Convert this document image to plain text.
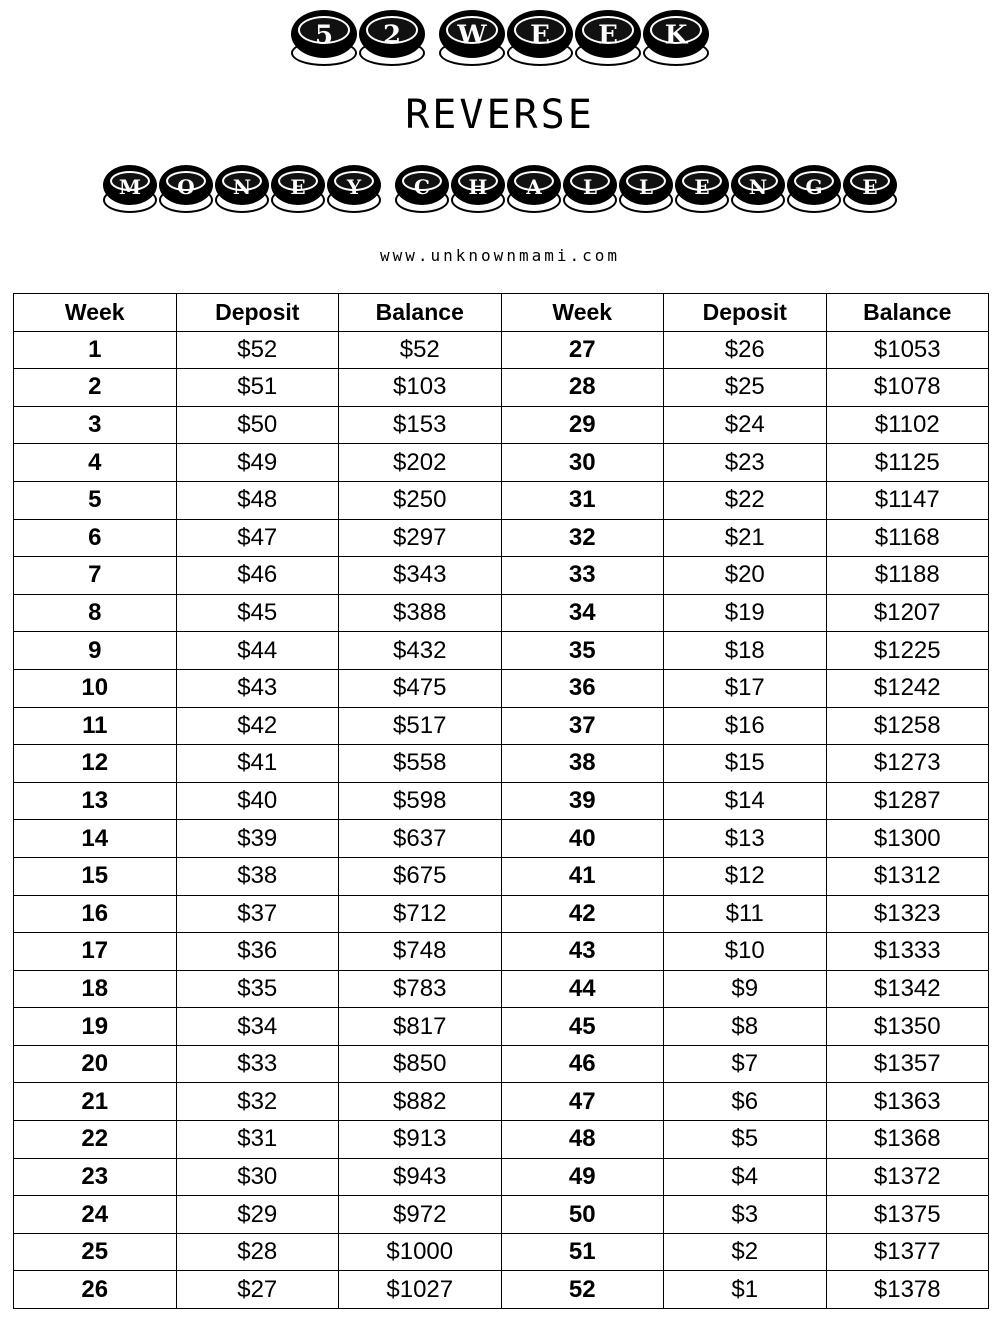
5	2	W	E	E	K
REVERSE
M	O	N	E	Y	C	H	A	L	L	E	N	G	E
www.unknownmami.com
Week	Deposit	Balance	Week	Deposit	Balance
1	$52	$52	27	$26	$1053
2	$51	$103	28	$25	$1078
3	$50	$153	29	$24	$1102
4	$49	$202	30	$23	$1125
5	$48	$250	31	$22	$1147
6	$47	$297	32	$21	$1168
7	$46	$343	33	$20	$1188
8	$45	$388	34	$19	$1207
9	$44	$432	35	$18	$1225
10	$43	$475	36	$17	$1242
11	$42	$517	37	$16	$1258
12	$41	$558	38	$15	$1273
13	$40	$598	39	$14	$1287
14	$39	$637	40	$13	$1300
15	$38	$675	41	$12	$1312
16	$37	$712	42	$11	$1323
17	$36	$748	43	$10	$1333
18	$35	$783	44	$9	$1342
19	$34	$817	45	$8	$1350
20	$33	$850	46	$7	$1357
21	$32	$882	47	$6	$1363
22	$31	$913	48	$5	$1368
23	$30	$943	49	$4	$1372
24	$29	$972	50	$3	$1375
25	$28	$1000	51	$2	$1377
26	$27	$1027	52	$1	$1378
